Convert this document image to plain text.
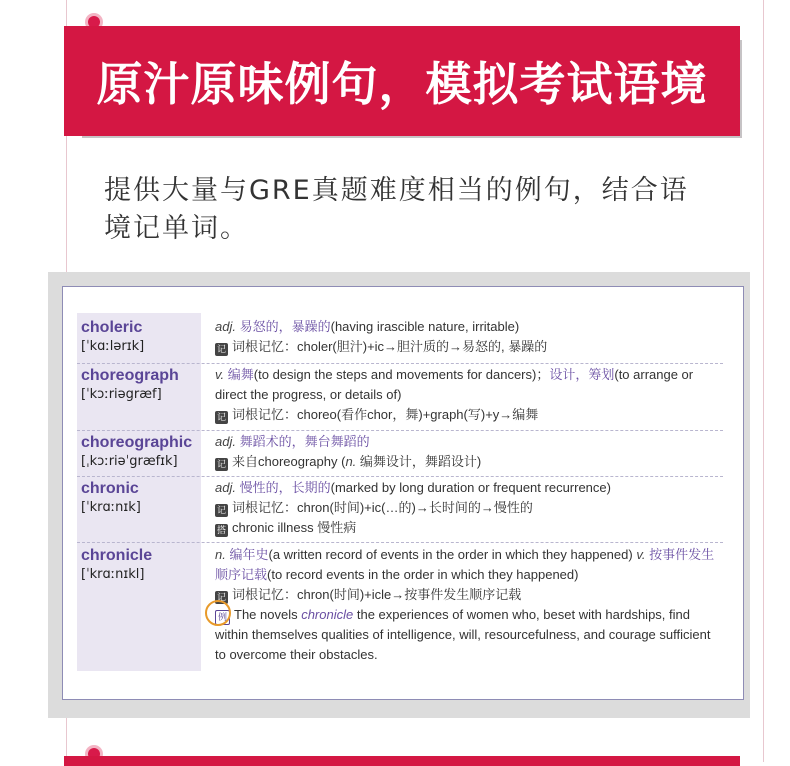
原汁原味例句，模拟考试语境
提供大量与GRE真题难度相当的例句，结合语境记单词。
choleric
[ˈkɑːlərɪk]
adj. 易怒的，暴躁的(having irascible nature, irritable)
记 词根记忆：choler(胆汁)+ic→胆汁质的→易怒的, 暴躁的
choreograph
[ˈkɔːriəgræf]
v. 编舞(to design the steps and movements for dancers)；设计，筹划(to arrange or direct the progress, or details of)
记 词根记忆：choreo(看作chor，舞)+graph(写)+y→编舞
choreographic
[ˌkɔːriəˈgræfɪk]
adj. 舞蹈术的，舞台舞蹈的
记 来自choreography (n. 编舞设计，舞蹈设计)
chronic
[ˈkrɑːnɪk]
adj. 慢性的，长期的(marked by long duration or frequent recurrence)
记 词根记忆：chron(时间)+ic(…的)→长时间的→慢性的
搭 chronic illness 慢性病
chronicle
[ˈkrɑːnɪkl]
n. 编年史(a written record of events in the order in which they happened) v. 按事件发生顺序记载(to record events in the order in which they happened)
记 词根记忆：chron(时间)+icle→按事件发生顺序记载
例 The novels chronicle the experiences of women who, beset with hardships, find within themselves qualities of intelligence, will, resourcefulness, and courage sufficient to overcome their obstacles.
